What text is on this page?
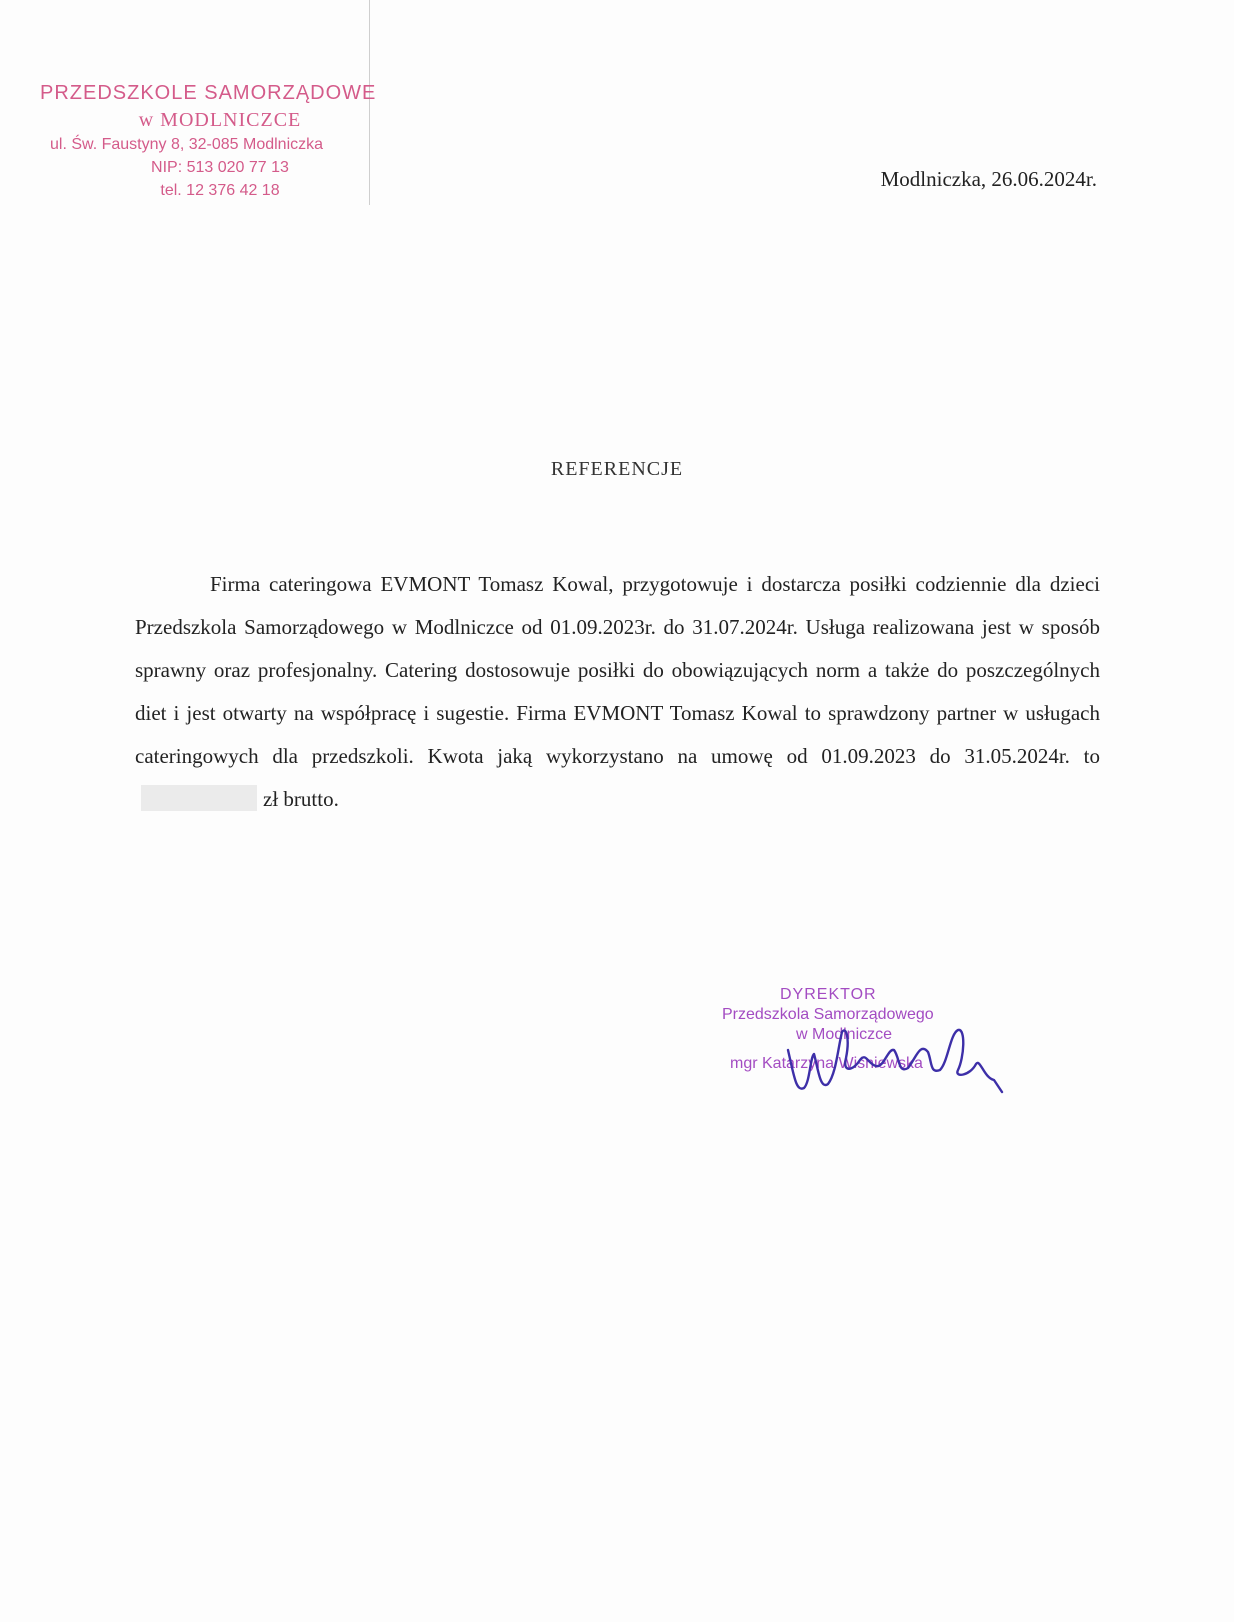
PRZEDSZKOLE SAMORZĄDOWE
w MODLNICZCE
ul. Św. Faustyny 8, 32-085 Modlniczka
NIP: 513 020 77 13
tel. 12 376 42 18	Modlniczka, 26.06.2024r.
REFERENCJE

Firma cateringowa EVMONT Tomasz Kowal, przygotowuje i dostarcza posiłki codziennie dla dzieci Przedszkola Samorządowego w Modlniczce od 01.09.2023r. do 31.07.2024r. Usługa realizowana jest w sposób sprawny oraz profesjonalny. Catering dostosowuje posiłki do obowiązujących norm a także do poszczególnych diet i jest otwarty na współpracę i sugestie. Firma EVMONT Tomasz Kowal to sprawdzony partner w usługach cateringowych dla przedszkoli. Kwota jaką wykorzystano na umowę od 01.09.2023 do 31.05.2024r. tozł brutto.

DYREKTOR
Przedszkola Samorządowego
w Modlniczce
mgr Katarzyna Wiśniewska
